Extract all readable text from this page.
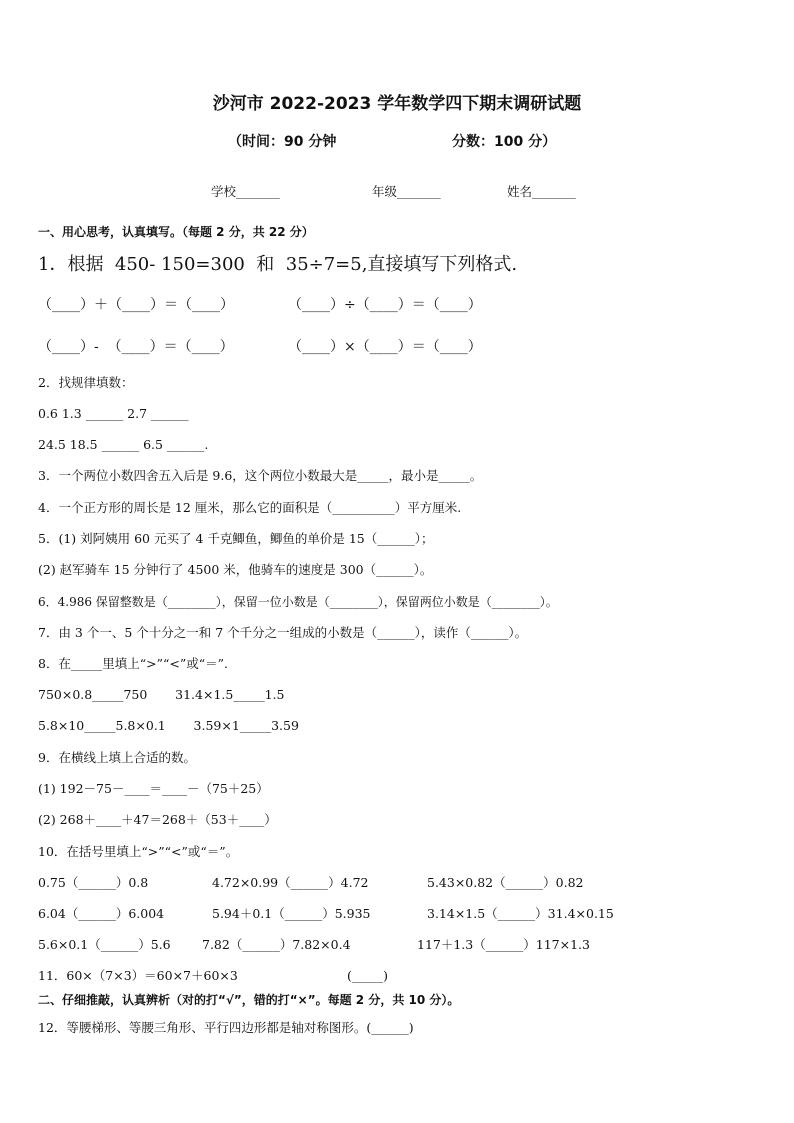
沙河市 2022-2023 学年数学四下期末调研试题
（时间：90 分钟	分数：100 分）
学校_______	年级_______	姓名_______
一、用心思考，认真填写。（每题 2 分，共 22 分）
1．根据  450- 150=300  和  35÷7=5,直接填写下列格式.
（____）＋（____）＝（____）	（____）÷（____）＝（____）
（____）-  （____）＝（____）	（____）×（____）＝（____）
2．找规律填数：
0.6 1.3 ______ 2.7 ______
24.5 18.5 ______ 6.5 ______.
3．一个两位小数四舍五入后是 9.6，这个两位小数最大是_____，最小是_____。
4．一个正方形的周长是 12 厘米，那么它的面积是（__________）平方厘米.
5．(1) 刘阿姨用 60 元买了 4 千克鲫鱼，鲫鱼的单价是 15（______）；
(2) 赵军骑车 15 分钟行了 4500 米，他骑车的速度是 300（______）。
6．4.986 保留整数是（________），保留一位小数是（________），保留两位小数是（________）。
7．由 3 个一、5 个十分之一和 7 个千分之一组成的小数是（______），读作（______）。
8．在_____里填上“>”“<”或“＝”.
750×0.8_____750       31.4×1.5_____1.5
5.8×10_____5.8×0.1       3.59×1_____3.59
9．在横线上填上合适的数。
(1) 192－75－____＝____－（75＋25）
(2) 268＋____＋47＝268＋（53＋____）
10．在括号里填上“>”“<”或“＝”。
0.75（______）0.8	4.72×0.99（______）4.72	5.43×0.82（______）0.82
6.04（______）6.004	5.94＋0.1（______）5.935	3.14×1.5（______）31.4×0.15
5.6×0.1（______）5.6	7.82（______）7.82×0.4	117＋1.3（______）117×1.3
11．60×（7×3）＝60×7＋60×3	(_____)
二、仔细推敲，认真辨析（对的打“√”，错的打“×”。每题 2 分，共 10 分）。
12．等腰梯形、等腰三角形、平行四边形都是轴对称图形。(______)
